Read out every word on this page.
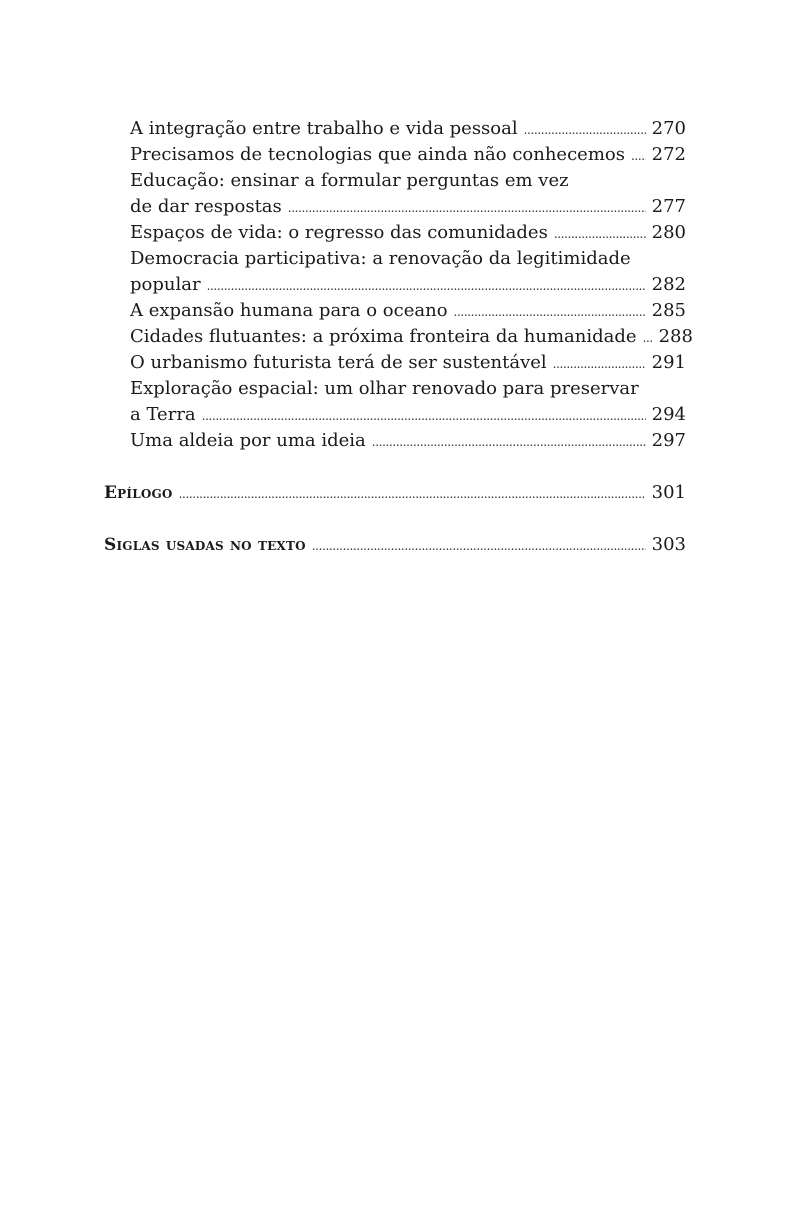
A integração entre trabalho e vida pessoal . . .	270
Precisamos de tecnologias que ainda não conhecemos . . .	272
Educação: ensinar a formular perguntas em vez
de dar respostas . . .	277
Espaços de vida: o regresso das comunidades . . .	280
Democracia participativa: a renovação da legitimidade
popular . . .	282
A expansão humana para o oceano . . .	285
Cidades flutuantes: a próxima fronteira da humanidade . . .	288
O urbanismo futurista terá de ser sustentável . . .	291
Exploração espacial: um olhar renovado para preservar
a Terra . . .	294
Uma aldeia por uma ideia . . .	297
Epílogo . . .	301
Siglas usadas no texto . . .	303
